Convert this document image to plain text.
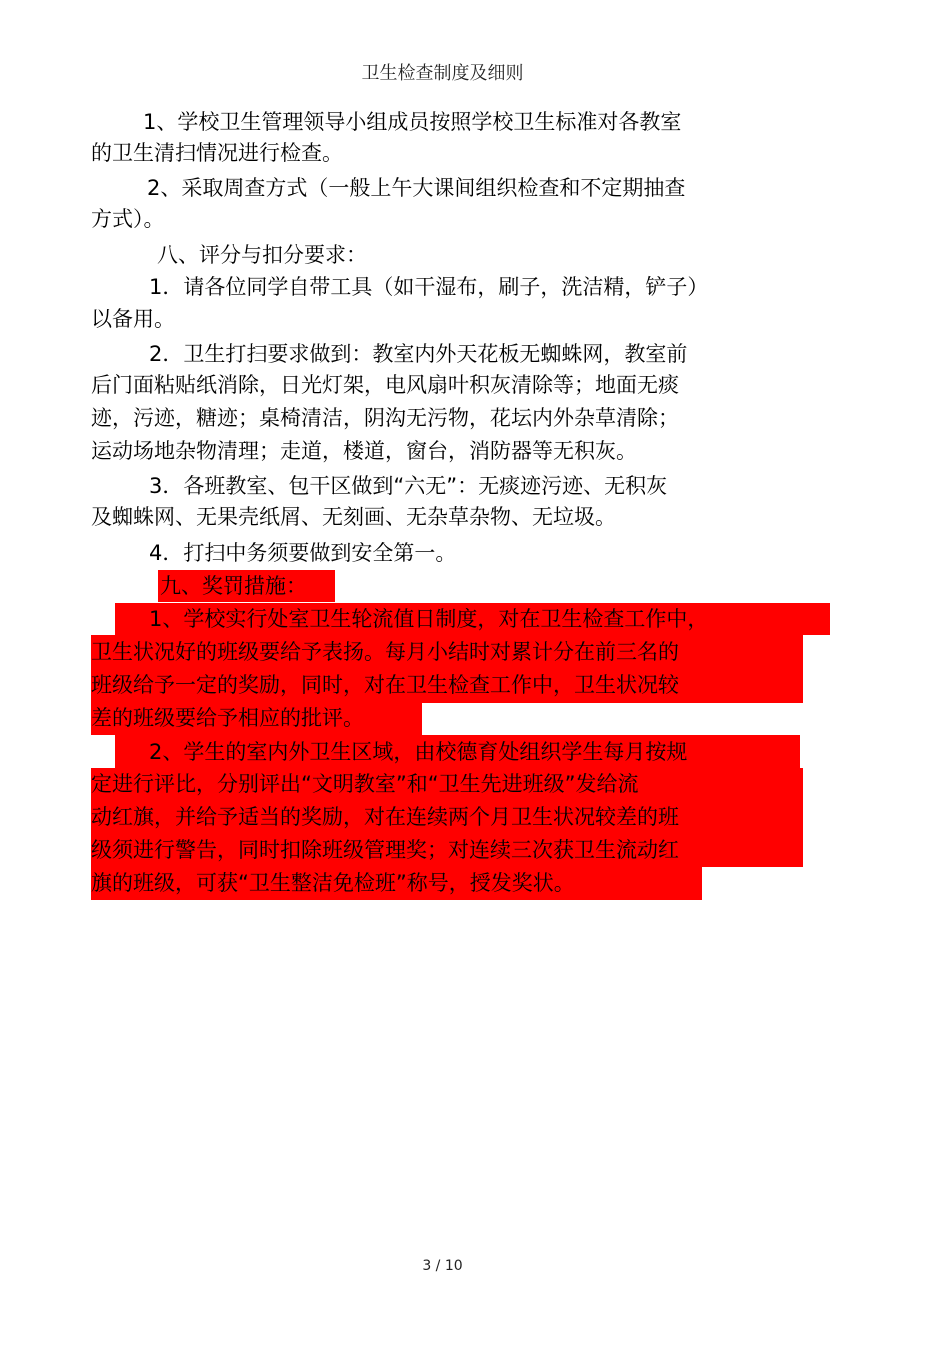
卫生检查制度及细则
1、学校卫生管理领导小组成员按照学校卫生标准对各教室
的卫生清扫情况进行检查。
2、采取周查方式（一般上午大课间组织检查和不定期抽查
方式）。
八、评分与扣分要求：
1．请各位同学自带工具（如干湿布，刷子，洗洁精，铲子）
以备用。
2．卫生打扫要求做到：教室内外天花板无蜘蛛网，教室前
后门面粘贴纸消除，日光灯架，电风扇叶积灰清除等；地面无痰
迹，污迹，糖迹；桌椅清洁，阴沟无污物，花坛内外杂草清除；
运动场地杂物清理；走道，楼道，窗台，消防器等无积灰。
3．各班教室、包干区做到“六无”：无痰迹污迹、无积灰
及蜘蛛网、无果壳纸屑、无刻画、无杂草杂物、无垃圾。
4．打扫中务须要做到安全第一。
九、奖罚措施：
1、学校实行处室卫生轮流值日制度，对在卫生检查工作中，
卫生状况好的班级要给予表扬。每月小结时对累计分在前三名的
班级给予一定的奖励，同时，对在卫生检查工作中，卫生状况较
差的班级要给予相应的批评。
2、学生的室内外卫生区域，由校德育处组织学生每月按规
定进行评比，分别评出“文明教室”和“卫生先进班级”发给流
动红旗，并给予适当的奖励，对在连续两个月卫生状况较差的班
级须进行警告，同时扣除班级管理奖；对连续三次获卫生流动红
旗的班级，可获“卫生整洁免检班”称号，授发奖状。
3 / 10
